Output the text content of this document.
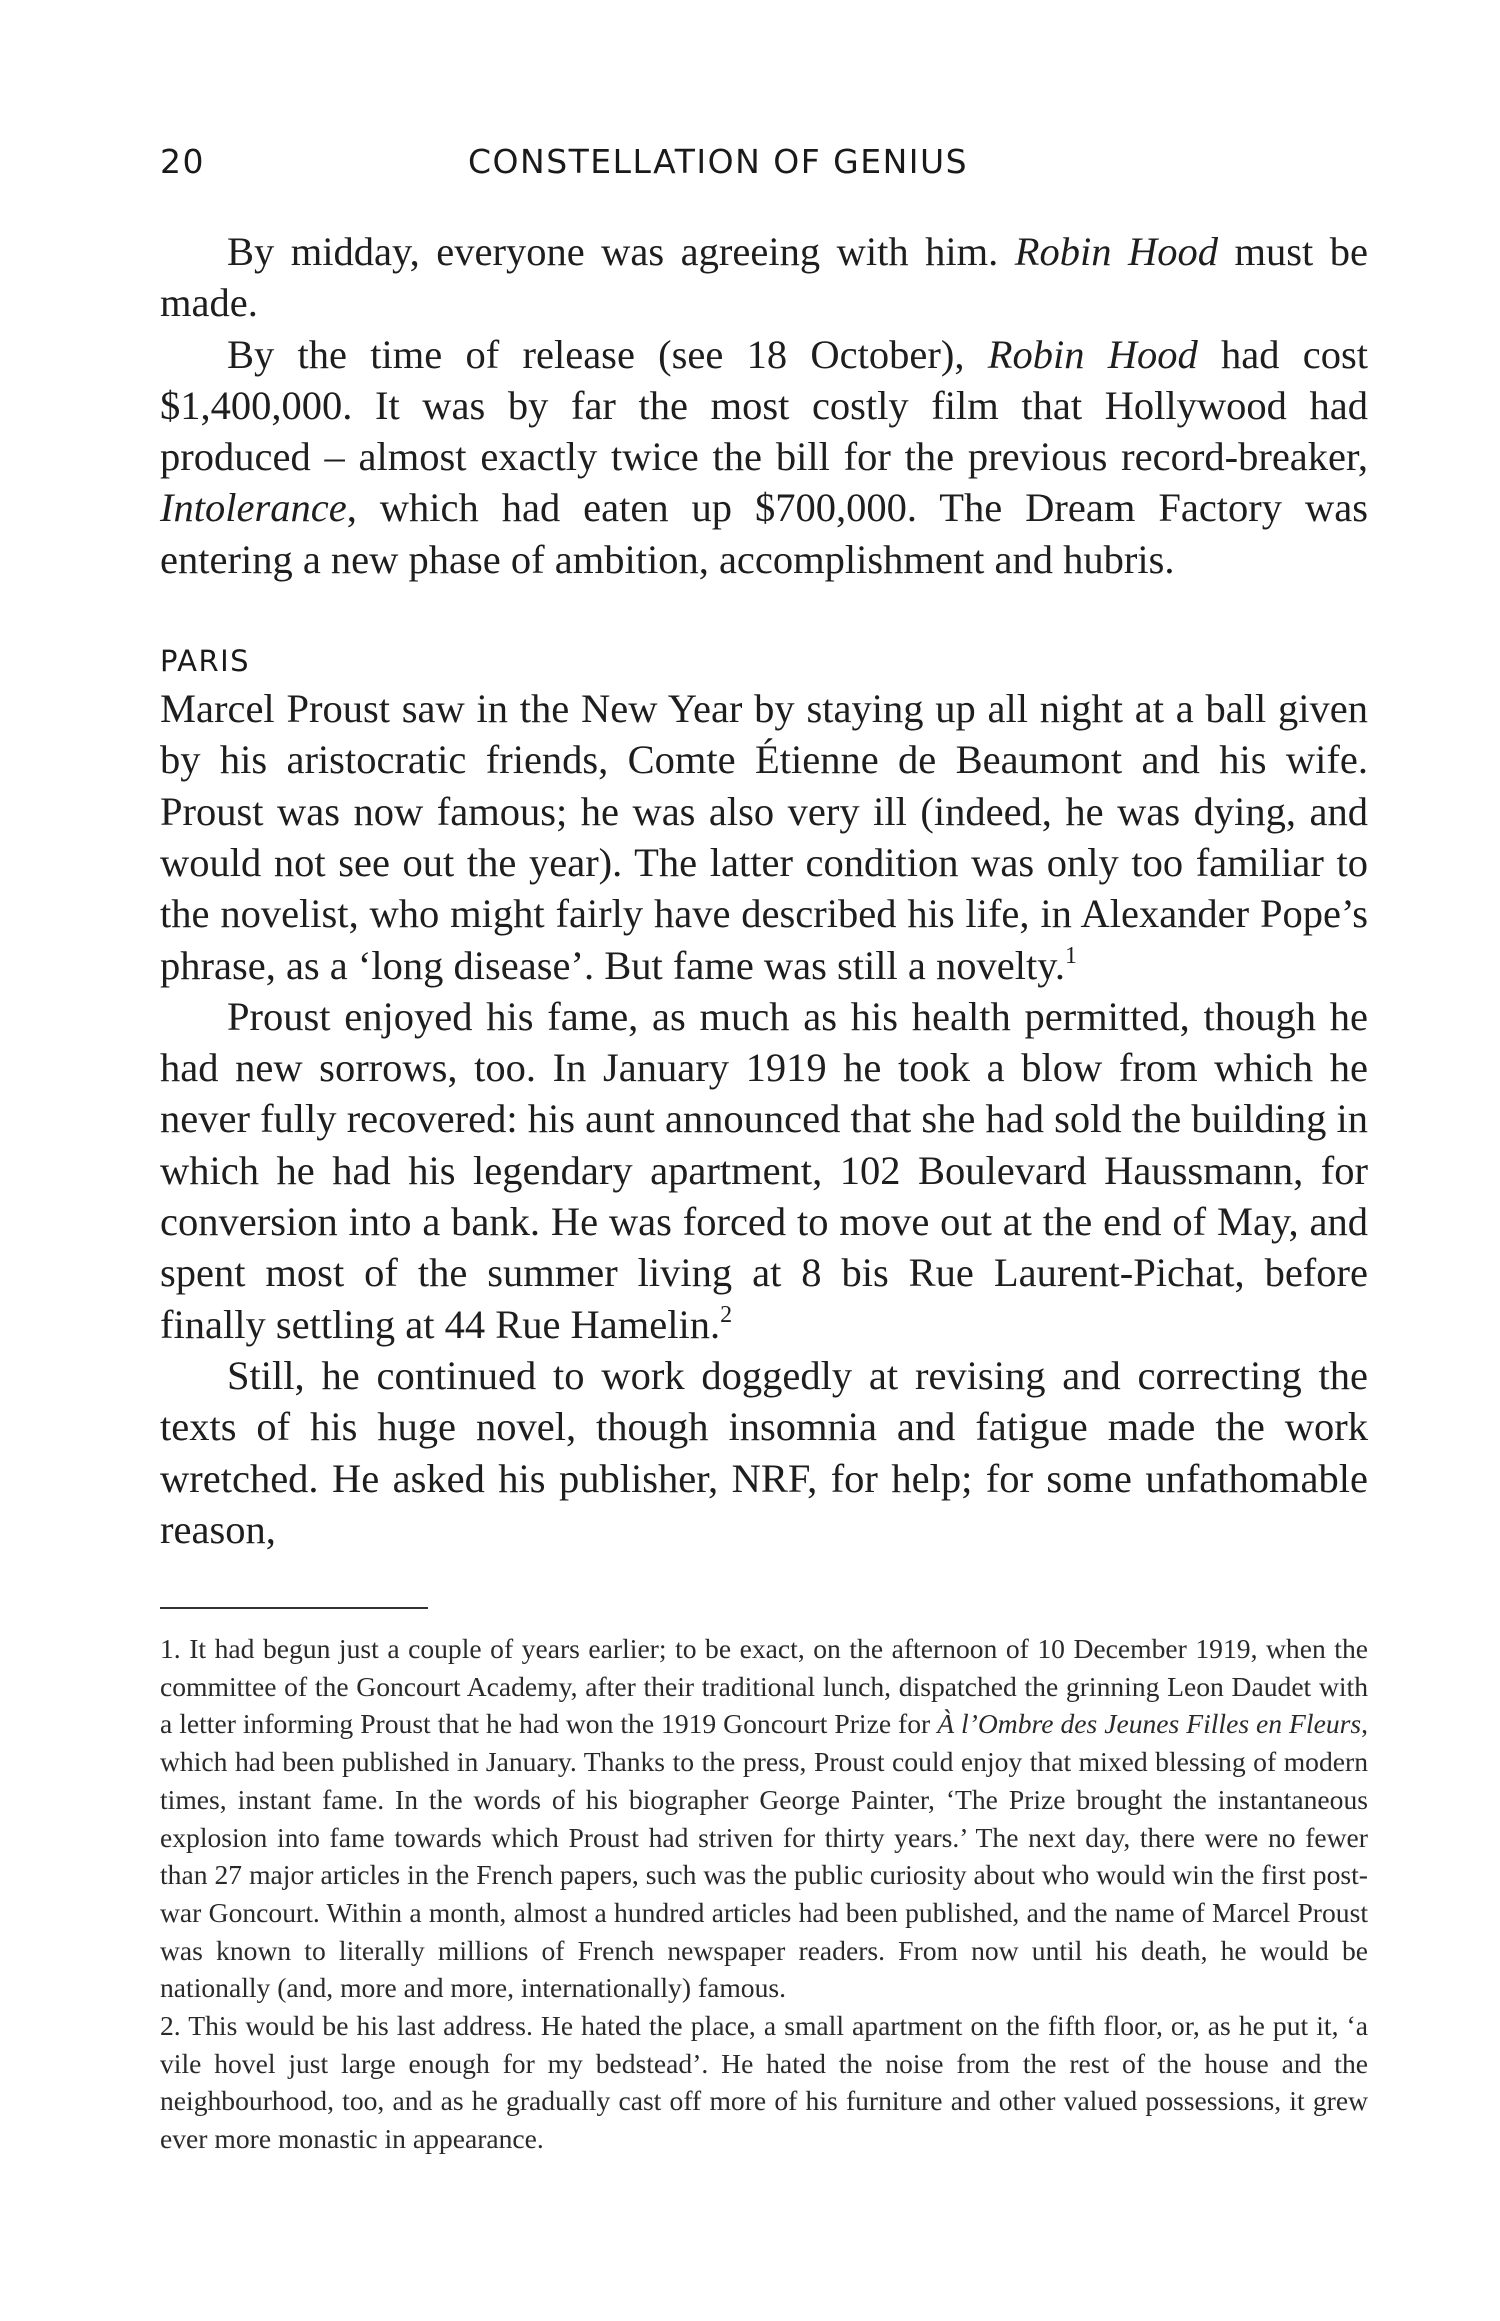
20	CONSTELLATION OF GENIUS

By midday, everyone was agreeing with him. Robin Hood must be made.

By the time of release (see 18 October), Robin Hood had cost $1,400,000. It was by far the most costly film that Hollywood had produced – almost exactly twice the bill for the previous record-breaker, Intolerance, which had eaten up $700,000. The Dream Factory was entering a new phase of ambition, accomplishment and hubris.

PARIS

Marcel Proust saw in the New Year by staying up all night at a ball given by his aristocratic friends, Comte Étienne de Beaumont and his wife. Proust was now famous; he was also very ill (indeed, he was dying, and would not see out the year). The latter condition was only too familiar to the novelist, who might fairly have described his life, in Alexander Pope’s phrase, as a ‘long disease’. But fame was still a novelty.$^1$

Proust enjoyed his fame, as much as his health permitted, though he had new sorrows, too. In January 1919 he took a blow from which he never fully recovered: his aunt announced that she had sold the building in which he had his legendary apartment, 102 Boulevard Haussmann, for conversion into a bank. He was forced to move out at the end of May, and spent most of the summer living at 8 bis Rue Laurent-Pichat, before finally settling at 44 Rue Hamelin.$^2$

Still, he continued to work doggedly at revising and correcting the texts of his huge novel, though insomnia and fatigue made the work wretched. He asked his publisher, NRF, for help; for some unfathomable reason,

1. It had begun just a couple of years earlier; to be exact, on the afternoon of 10 December 1919, when the committee of the Goncourt Academy, after their traditional lunch, dispatched the grinning Leon Daudet with a letter informing Proust that he had won the 1919 Goncourt Prize for À l’Ombre des Jeunes Filles en Fleurs, which had been published in January. Thanks to the press, Proust could enjoy that mixed blessing of modern times, instant fame. In the words of his biographer George Painter, ‘The Prize brought the instantaneous explosion into fame towards which Proust had striven for thirty years.’ The next day, there were no fewer than 27 major articles in the French papers, such was the public curiosity about who would win the first post-war Goncourt. Within a month, almost a hundred articles had been published, and the name of Marcel Proust was known to literally millions of French newspaper readers. From now until his death, he would be nationally (and, more and more, internationally) famous.

2. This would be his last address. He hated the place, a small apartment on the fifth floor, or, as he put it, ‘a vile hovel just large enough for my bedstead’. He hated the noise from the rest of the house and the neighbourhood, too, and as he gradually cast off more of his furniture and other valued possessions, it grew ever more monastic in appearance.
